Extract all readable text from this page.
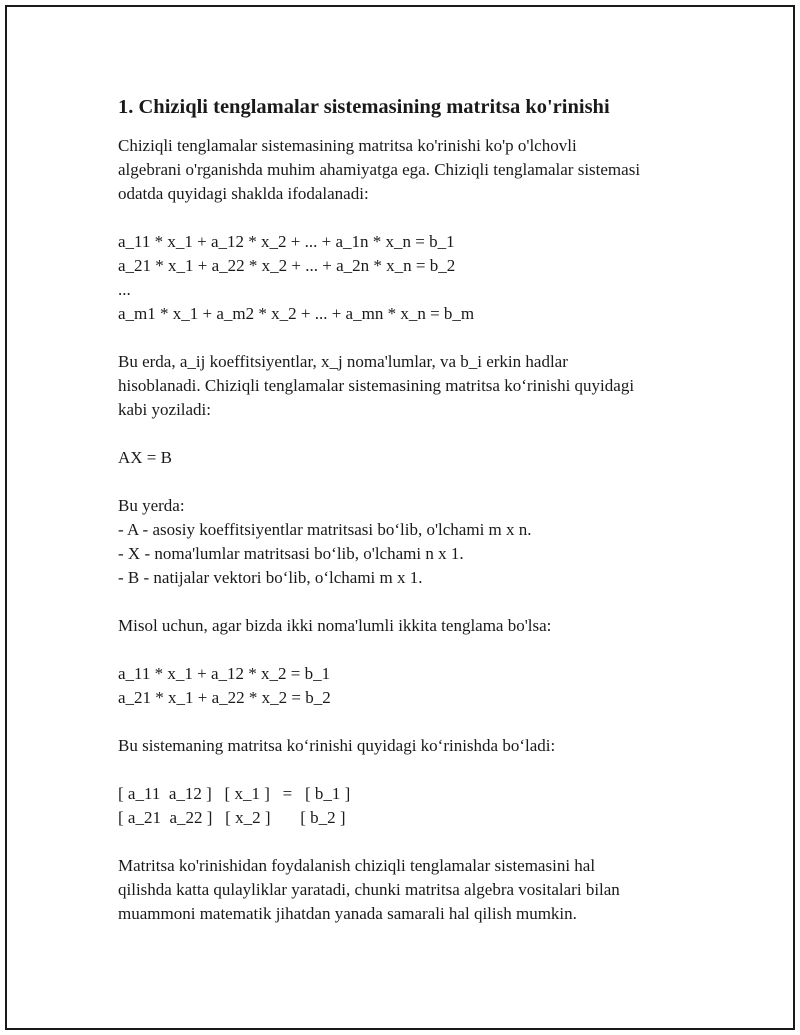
1. Chiziqli tenglamalar sistemasining matritsa ko'rinishi
Chiziqli tenglamalar sistemasining matritsa ko'rinishi ko'p o'lchovli
algebrani o'rganishda muhim ahamiyatga ega. Chiziqli tenglamalar sistemasi
odatda quyidagi shaklda ifodalanadi:
a_11 * x_1 + a_12 * x_2 + ... + a_1n * x_n = b_1
a_21 * x_1 + a_22 * x_2 + ... + a_2n * x_n = b_2
...
a_m1 * x_1 + a_m2 * x_2 + ... + a_mn * x_n = b_m
Bu erda, a_ij koeffitsiyentlar, x_j noma'lumlar, va b_i erkin hadlar
hisoblanadi. Chiziqli tenglamalar sistemasining matritsa ko‘rinishi quyidagi
kabi yoziladi:
AX = B
Bu yerda:
- A - asosiy koeffitsiyentlar matritsasi bo‘lib, o'lchami m x n.
- X - noma'lumlar matritsasi bo‘lib, o'lchami n x 1.
- B - natijalar vektori bo‘lib, o‘lchami m x 1.
Misol uchun, agar bizda ikki noma'lumli ikkita tenglama bo'lsa:
a_11 * x_1 + a_12 * x_2 = b_1
a_21 * x_1 + a_22 * x_2 = b_2
Bu sistemaning matritsa ko‘rinishi quyidagi ko‘rinishda bo‘ladi:
[ a_11  a_12 ]   [ x_1 ]   =   [ b_1 ]
[ a_21  a_22 ]   [ x_2 ]       [ b_2 ]
Matritsa ko'rinishidan foydalanish chiziqli tenglamalar sistemasini hal
qilishda katta qulayliklar yaratadi, chunki matritsa algebra vositalari bilan
muammoni matematik jihatdan yanada samarali hal qilish mumkin.
